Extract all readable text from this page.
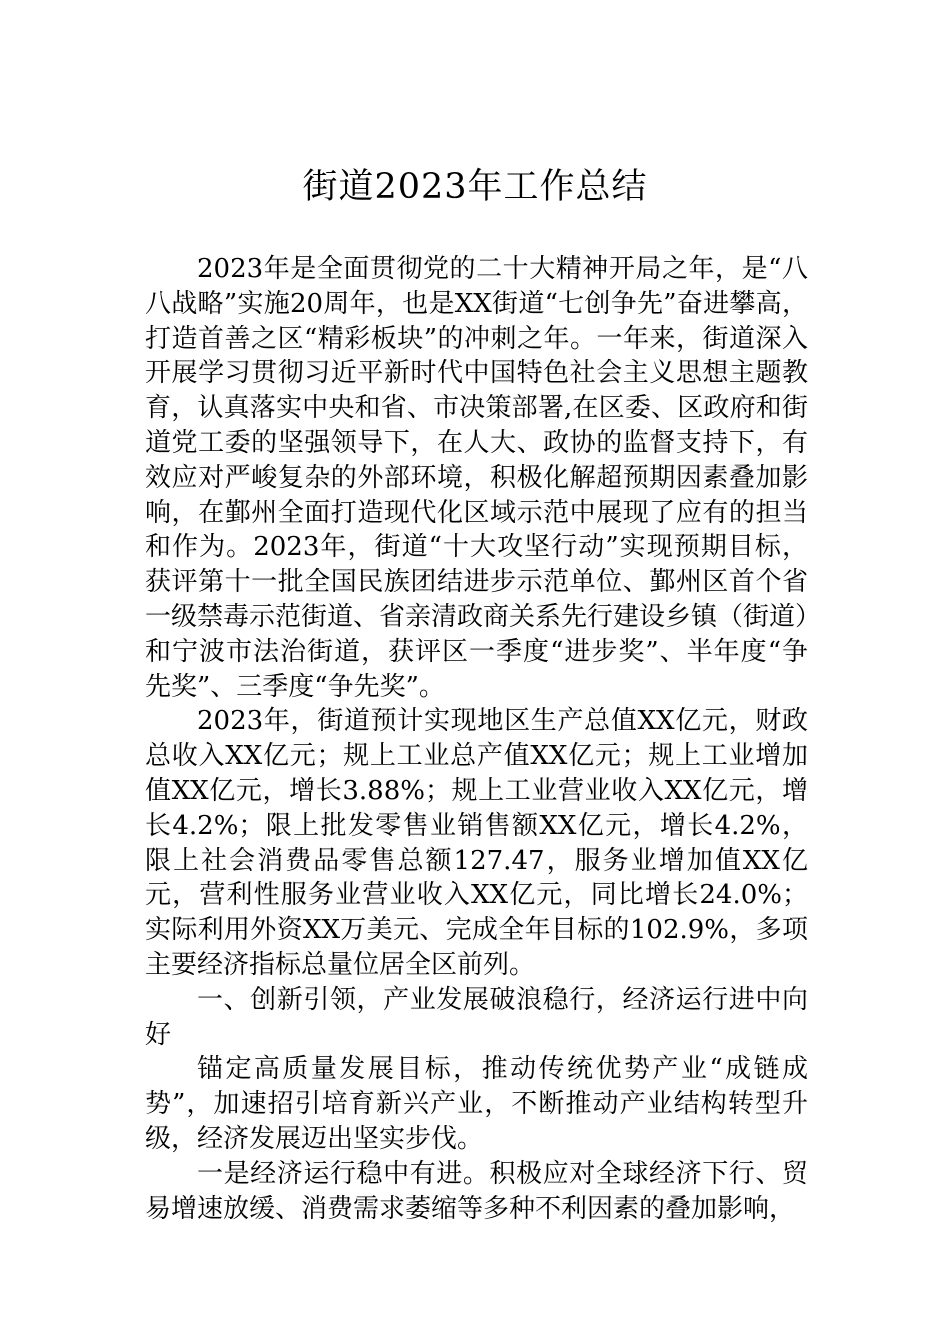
街道2023年工作总结

2023年是全面贯彻党的二十大精神开局之年，是“八八战略”实施20周年，也是XX街道“七创争先”奋进攀高，打造首善之区“精彩板块”的冲刺之年。一年来，街道深入开展学习贯彻习近平新时代中国特色社会主义思想主题教育，认真落实中央和省、市决策部署,在区委、区政府和街道党工委的坚强领导下，在人大、政协的监督支持下，有效应对严峻复杂的外部环境，积极化解超预期因素叠加影响，在鄞州全面打造现代化区域示范中展现了应有的担当和作为。2023年，街道“十大攻坚行动”实现预期目标，获评第十一批全国民族团结进步示范单位、鄞州区首个省一级禁毒示范街道、省亲清政商关系先行建设乡镇（街道）和宁波市法治街道，获评区一季度“进步奖”、半年度“争先奖”、三季度“争先奖”。

2023年，街道预计实现地区生产总值XX亿元，财政总收入XX亿元；规上工业总产值XX亿元；规上工业增加值XX亿元，增长3.88%；规上工业营业收入XX亿元，增长4.2%；限上批发零售业销售额XX亿元，增长4.2%，限上社会消费品零售总额127.47，服务业增加值XX亿元，营利性服务业营业收入XX亿元，同比增长24.0%；实际利用外资XX万美元、完成全年目标的102.9%，多项主要经济指标总量位居全区前列。

一、创新引领，产业发展破浪稳行，经济运行进中向好

锚定高质量发展目标，推动传统优势产业“成链成势”，加速招引培育新兴产业，不断推动产业结构转型升级，经济发展迈出坚实步伐。

一是经济运行稳中有进。积极应对全球经济下行、贸易增速放缓、消费需求萎缩等多种不利因素的叠加影响，
